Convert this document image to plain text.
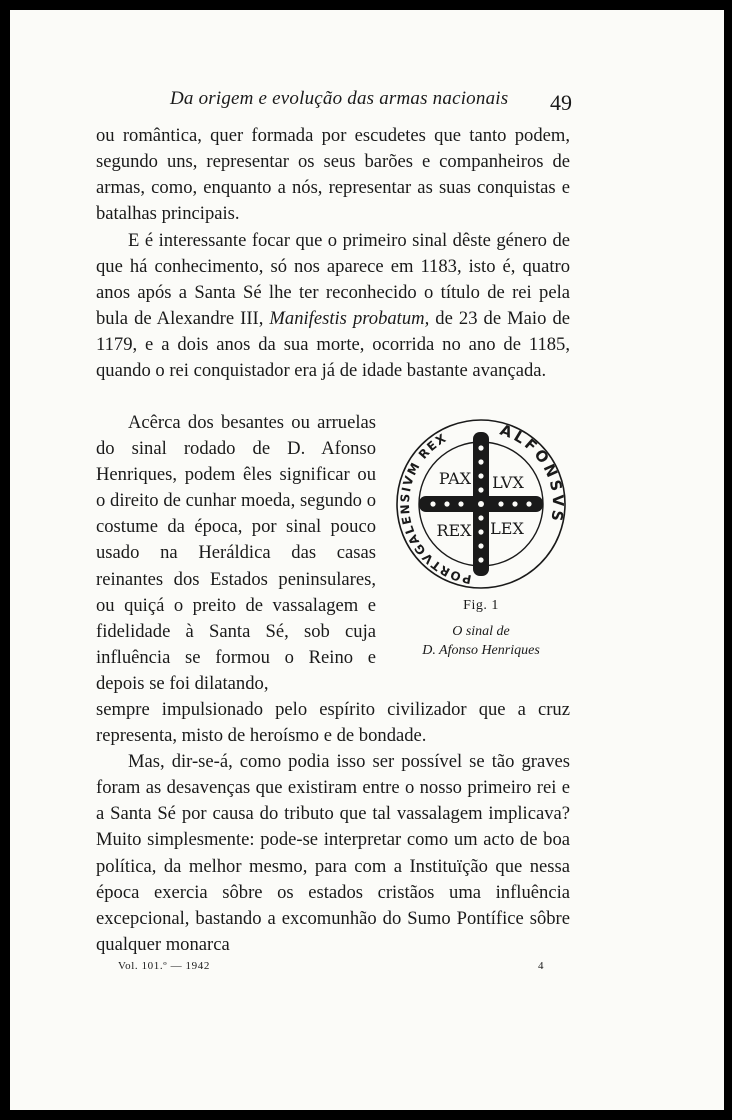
Da origem e evolução das armas nacionais 49

ou romântica, quer formada por escudetes que tanto podem, segundo uns, representar os seus barões e companheiros de armas, como, enquanto a nós, representar as suas conquistas e batalhas principais.

E é interessante focar que o primeiro sinal dêste género de que há conhecimento, só nos aparece em 1183, isto é, quatro anos após a Santa Sé lhe ter reconhecido o título de rei pela bula de Alexandre III, Manifestis probatum, de 23 de Maio de 1179, e a dois anos da sua morte, ocorrida no ano de 1185, quando o rei conquistador era já de idade bastante avançada.

Acêrca dos besantes ou arruelas do sinal rodado de D. Afonso Henriques, podem êles significar ou o direito de cunhar moeda, segundo o costume da época, por sinal pouco usado na Heráldica das casas reinantes dos Estados peninsulares, ou quiçá o preito de vassalagem e fidelidade à Santa Sé, sob cuja influência se formou o Reino e depois se foi dilatando,

ALFONSVS
PORTVGALENSIVM REX
PAX LVX
REX LEX
Fig. 1
O sinal de
D. Afonso Henriques

sempre impulsionado pelo espírito civilizador que a cruz representa, misto de heroísmo e de bondade.

Mas, dir-se-á, como podia isso ser possível se tão graves foram as desavenças que existiram entre o nosso primeiro rei e a Santa Sé por causa do tributo que tal vassalagem implicava? Muito simplesmente: pode-se interpretar como um acto de boa política, da melhor mesmo, para com a Instituïção que nessa época exercia sôbre os estados cristãos uma influência excepcional, bastando a excomunhão do Sumo Pontífice sôbre qualquer monarca

Vol. 101.º — 1942	4
